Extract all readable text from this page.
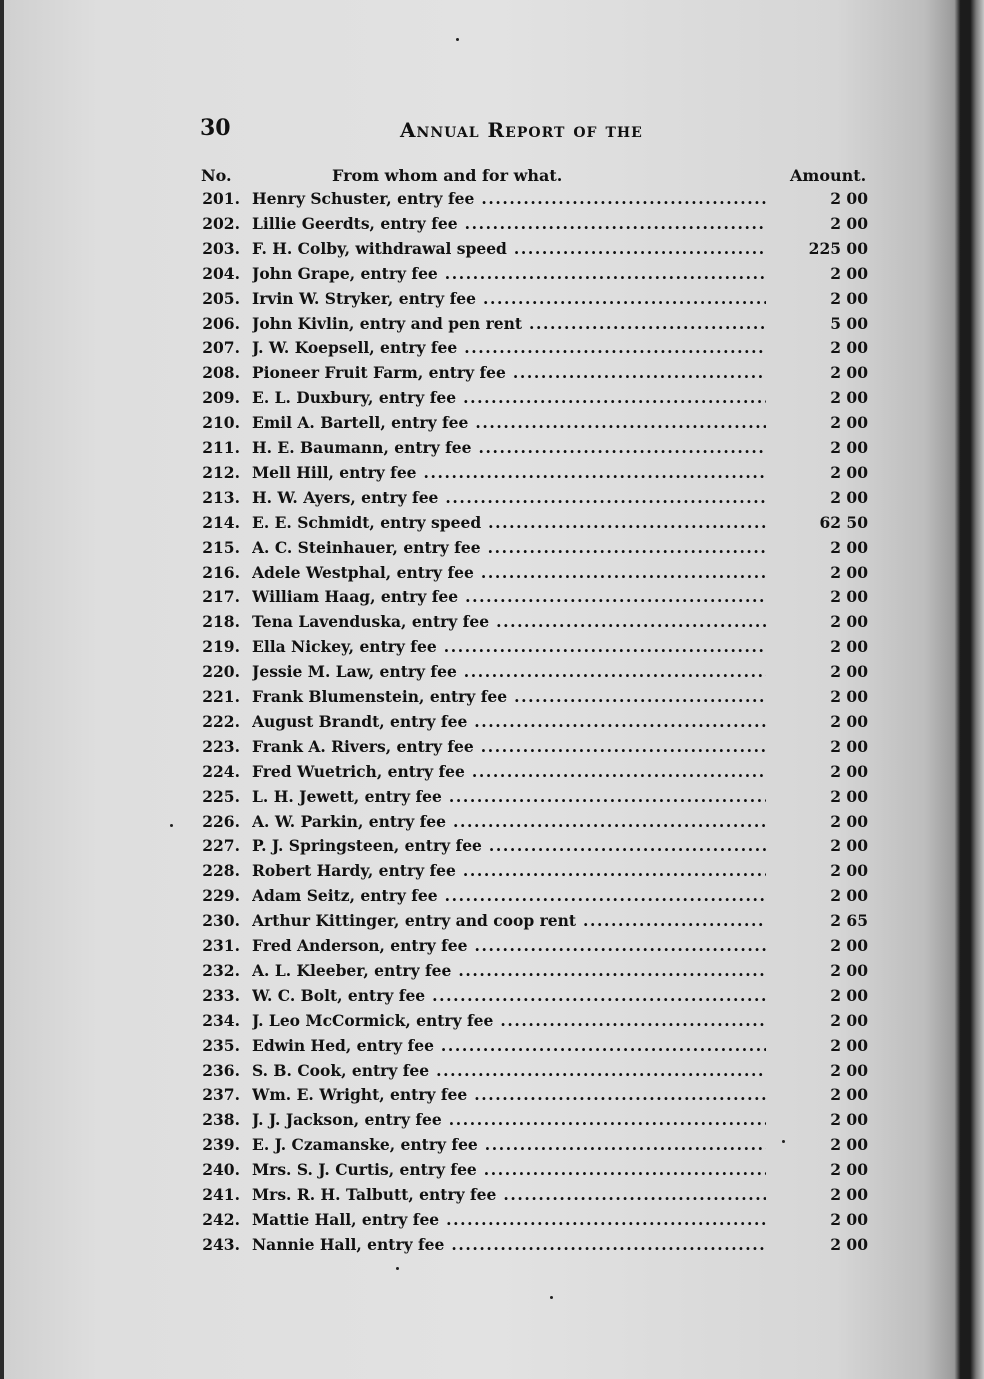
30	Annual Report of the
No.	From whom and for what.	Amount.
201. Henry Schuster, entry fee .....	2 00
202. Lillie Geerdts, entry fee .....	2 00
203. F. H. Colby, withdrawal speed .....	225 00
204. John Grape, entry fee .....	2 00
205. Irvin W. Stryker, entry fee .....	2 00
206. John Kivlin, entry and pen rent .....	5 00
207. J. W. Koepsell, entry fee .....	2 00
208. Pioneer Fruit Farm, entry fee .....	2 00
209. E. L. Duxbury, entry fee .....	2 00
210. Emil A. Bartell, entry fee .....	2 00
211. H. E. Baumann, entry fee .....	2 00
212. Mell Hill, entry fee .....	2 00
213. H. W. Ayers, entry fee .....	2 00
214. E. E. Schmidt, entry speed .....	62 50
215. A. C. Steinhauer, entry fee .....	2 00
216. Adele Westphal, entry fee .....	2 00
217. William Haag, entry fee .....	2 00
218. Tena Lavenduska, entry fee .....	2 00
219. Ella Nickey, entry fee .....	2 00
220. Jessie M. Law, entry fee .....	2 00
221. Frank Blumenstein, entry fee .....	2 00
222. August Brandt, entry fee .....	2 00
223. Frank A. Rivers, entry fee .....	2 00
224. Fred Wuetrich, entry fee .....	2 00
225. L. H. Jewett, entry fee .....	2 00
226. A. W. Parkin, entry fee .....	2 00
227. P. J. Springsteen, entry fee .....	2 00
228. Robert Hardy, entry fee .....	2 00
229. Adam Seitz, entry fee .....	2 00
230. Arthur Kittinger, entry and coop rent .....	2 65
231. Fred Anderson, entry fee .....	2 00
232. A. L. Kleeber, entry fee .....	2 00
233. W. C. Bolt, entry fee .....	2 00
234. J. Leo McCormick, entry fee .....	2 00
235. Edwin Hed, entry fee .....	2 00
236. S. B. Cook, entry fee .....	2 00
237. Wm. E. Wright, entry fee .....	2 00
238. J. J. Jackson, entry fee .....	2 00
239. E. J. Czamanske, entry fee .....	2 00
240. Mrs. S. J. Curtis, entry fee .....	2 00
241. Mrs. R. H. Talbutt, entry fee .....	2 00
242. Mattie Hall, entry fee .....	2 00
243. Nannie Hall, entry fee .....	2 00
